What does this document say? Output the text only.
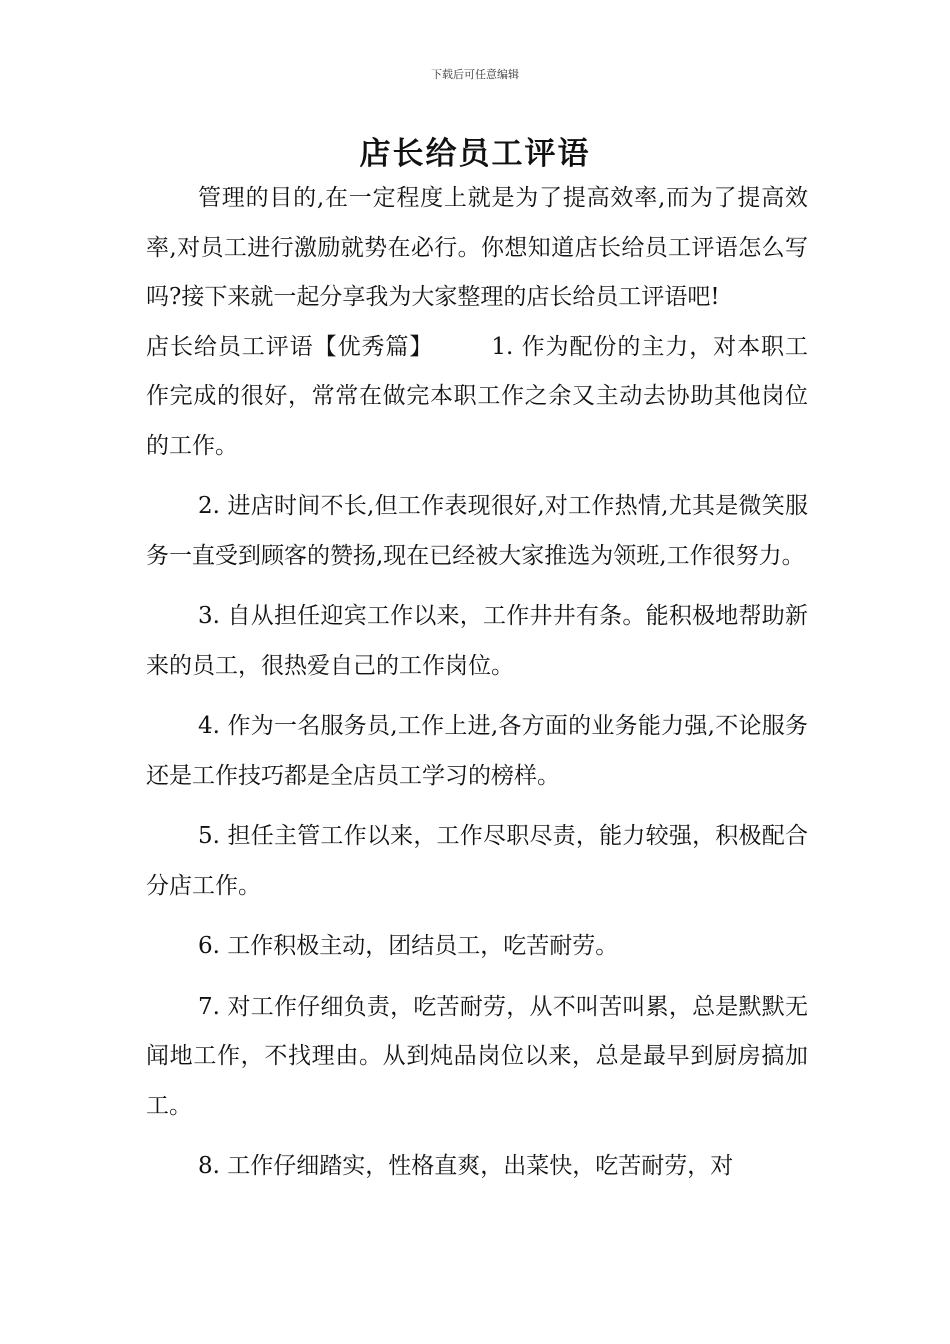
下载后可任意编辑
店长给员工评语

管理的目的,在一定程度上就是为了提高效率,而为了提高效率,对员工进行激励就势在必行。你想知道店长给员工评语怎么写吗?接下来就一起分享我为大家整理的店长给员工评语吧!

店长给员工评语【优秀篇】	1. 作为配份的主力，对本职工作完成的很好，常常在做完本职工作之余又主动去协助其他岗位的工作。

2. 进店时间不长,但工作表现很好,对工作热情,尤其是微笑服务一直受到顾客的赞扬,现在已经被大家推选为领班,工作很努力。

3. 自从担任迎宾工作以来，工作井井有条。能积极地帮助新来的员工，很热爱自己的工作岗位。

4. 作为一名服务员,工作上进,各方面的业务能力强,不论服务还是工作技巧都是全店员工学习的榜样。

5. 担任主管工作以来，工作尽职尽责，能力较强，积极配合分店工作。

6. 工作积极主动，团结员工，吃苦耐劳。

7. 对工作仔细负责，吃苦耐劳，从不叫苦叫累，总是默默无闻地工作，不找理由。从到炖品岗位以来，总是最早到厨房搞加工。

8. 工作仔细踏实，性格直爽，出菜快，吃苦耐劳，对
